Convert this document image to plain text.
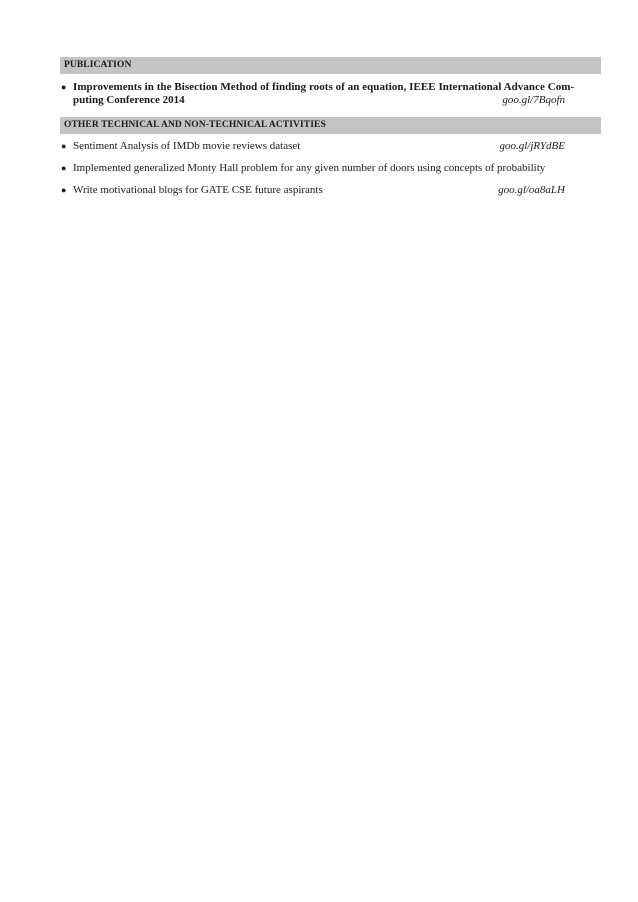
PUBLICATION
● Improvements in the Bisection Method of finding roots of an equation, IEEE International Advance Com-
puting Conference 2014	goo.gl/7Bqofn
OTHER TECHNICAL AND NON-TECHNICAL ACTIVITIES
● Sentiment Analysis of IMDb movie reviews dataset	goo.gl/jRYdBE
● Implemented generalized Monty Hall problem for any given number of doors using concepts of probability
● Write motivational blogs for GATE CSE future aspirants	goo.gl/oa8aLH
